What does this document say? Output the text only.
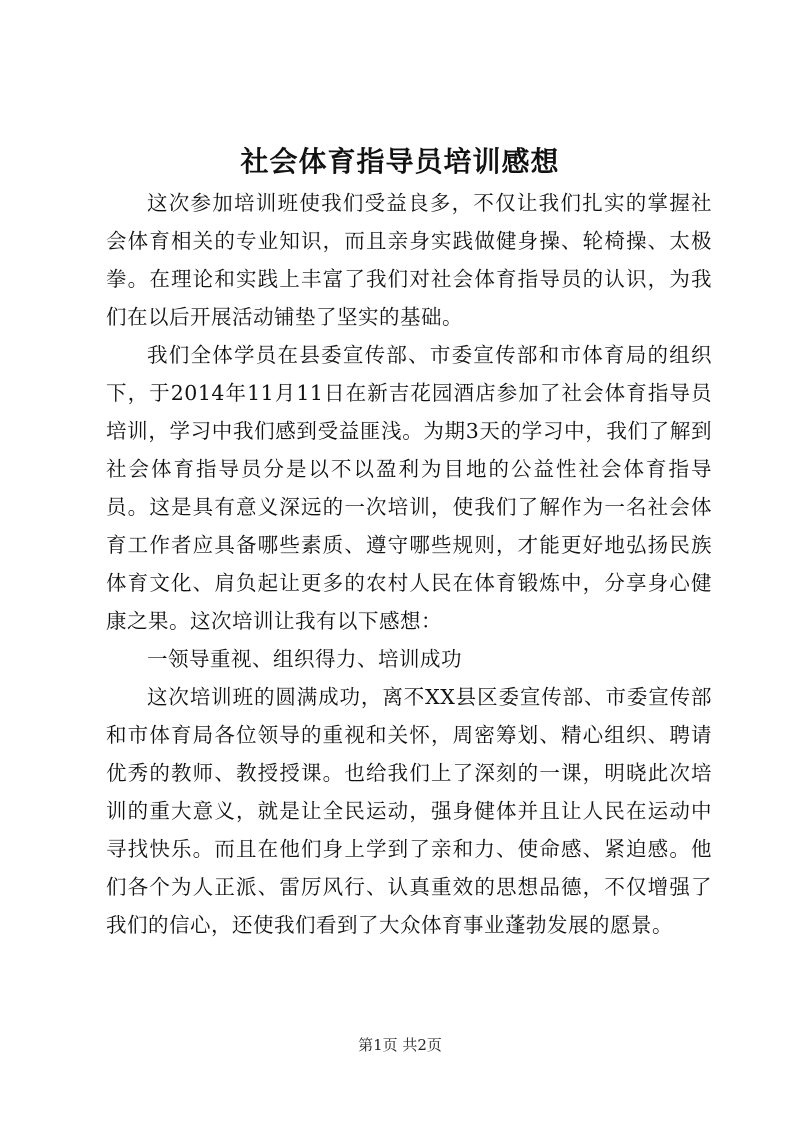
社会体育指导员培训感想

这次参加培训班使我们受益良多，不仅让我们扎实的掌握社会体育相关的专业知识，而且亲身实践做健身操、轮椅操、太极拳。在理论和实践上丰富了我们对社会体育指导员的认识，为我们在以后开展活动铺垫了坚实的基础。

我们全体学员在县委宣传部、市委宣传部和市体育局的组织下，于2014年11月11日在新吉花园酒店参加了社会体育指导员培训，学习中我们感到受益匪浅。为期3天的学习中，我们了解到社会体育指导员分是以不以盈利为目地的公益性社会体育指导员。这是具有意义深远的一次培训，使我们了解作为一名社会体育工作者应具备哪些素质、遵守哪些规则，才能更好地弘扬民族体育文化、肩负起让更多的农村人民在体育锻炼中，分享身心健康之果。这次培训让我有以下感想：

一领导重视、组织得力、培训成功

这次培训班的圆满成功，离不XX县区委宣传部、市委宣传部和市体育局各位领导的重视和关怀，周密筹划、精心组织、聘请优秀的教师、教授授课。也给我们上了深刻的一课，明晓此次培训的重大意义，就是让全民运动，强身健体并且让人民在运动中寻找快乐。而且在他们身上学到了亲和力、使命感、紧迫感。他们各个为人正派、雷厉风行、认真重效的思想品德，不仅增强了我们的信心，还使我们看到了大众体育事业蓬勃发展的愿景。

第1页 共2页
